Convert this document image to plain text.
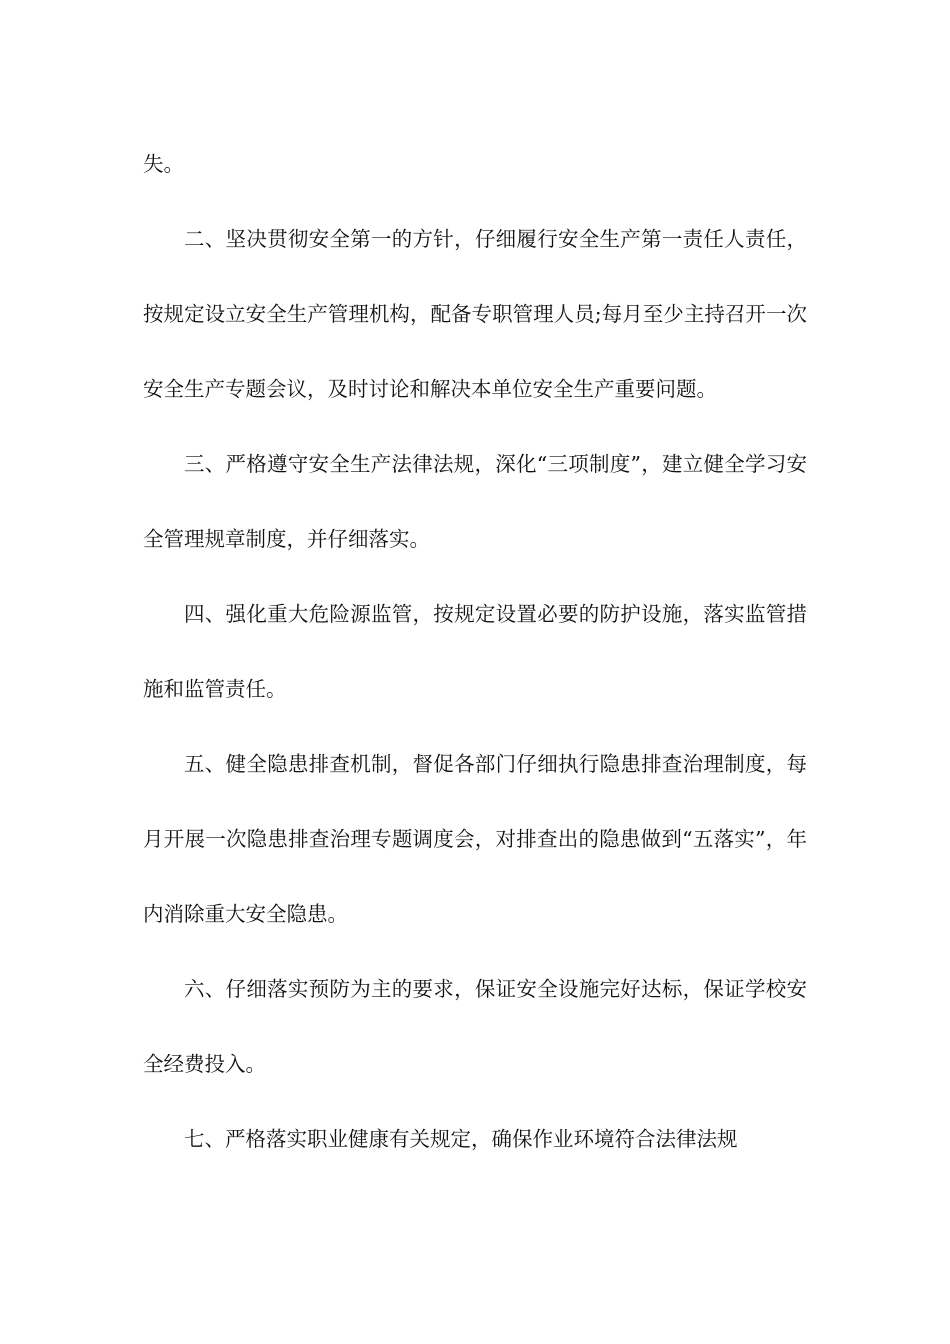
失。

二、坚决贯彻安全第一的方针，仔细履行安全生产第一责任人责任，按规定设立安全生产管理机构，配备专职管理人员;每月至少主持召开一次安全生产专题会议，及时讨论和解决本单位安全生产重要问题。

三、严格遵守安全生产法律法规，深化“三项制度”，建立健全学习安全管理规章制度，并仔细落实。

四、强化重大危险源监管，按规定设置必要的防护设施，落实监管措施和监管责任。

五、健全隐患排查机制，督促各部门仔细执行隐患排查治理制度，每月开展一次隐患排查治理专题调度会，对排查出的隐患做到“五落实”，年内消除重大安全隐患。

六、仔细落实预防为主的要求，保证安全设施完好达标，保证学校安全经费投入。

七、严格落实职业健康有关规定，确保作业环境符合法律法规
